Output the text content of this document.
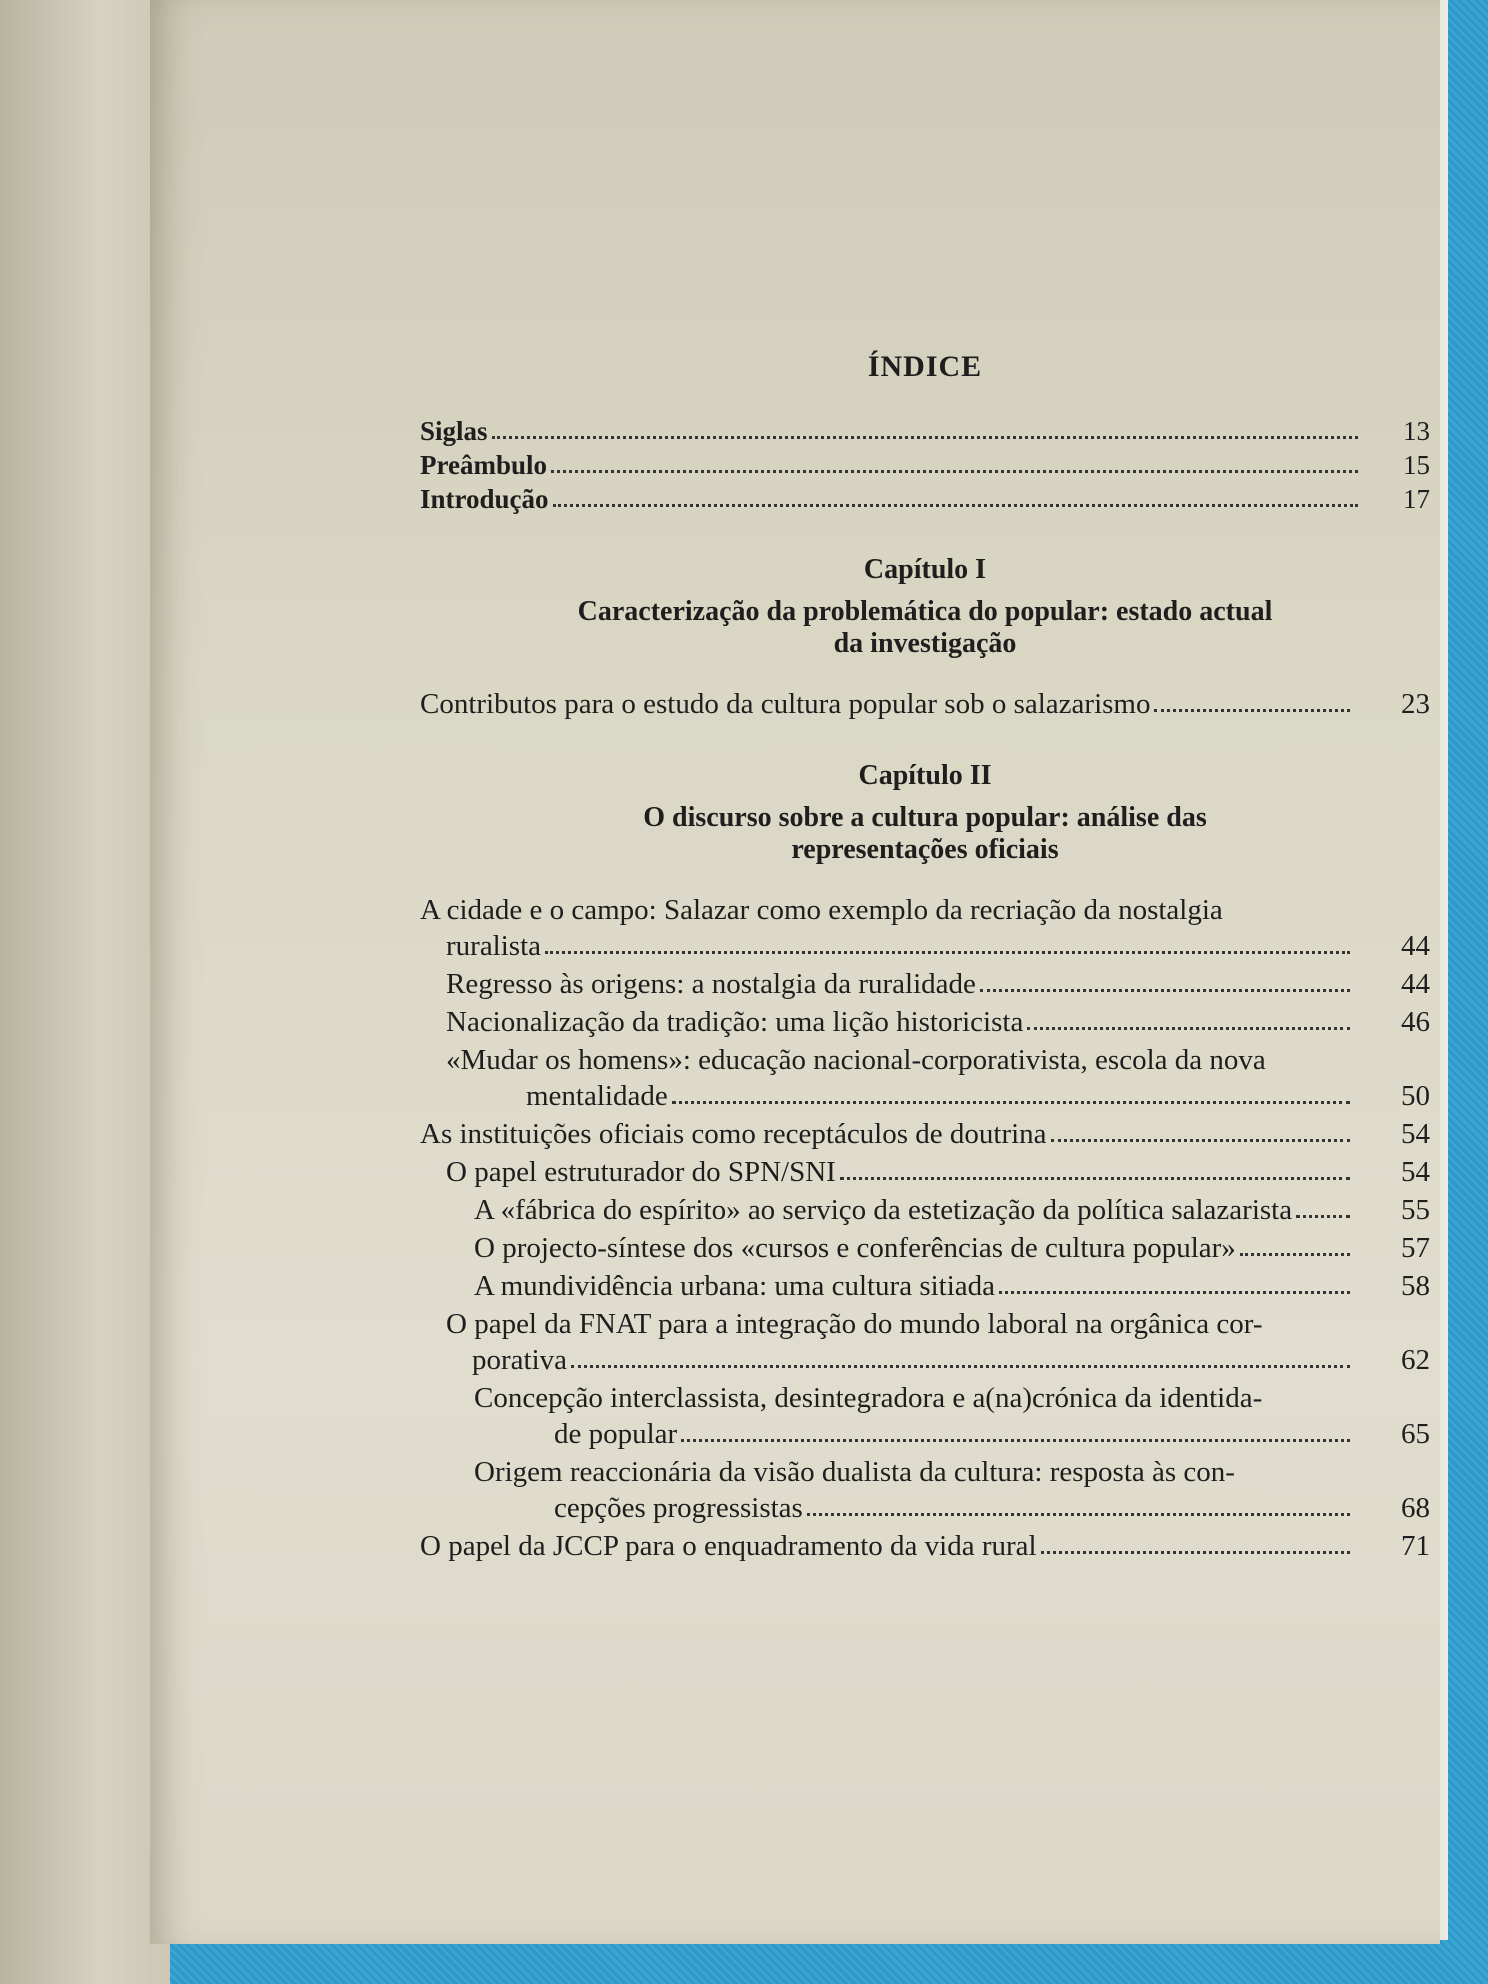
ÍNDICE
Siglas	13
Preâmbulo	15
Introdução	17
Capítulo I
Caracterização da problemática do popular: estado actual da investigação
Contributos para o estudo da cultura popular sob o salazarismo	23
Capítulo II
O discurso sobre a cultura popular: análise das representações oficiais
A cidade e o campo: Salazar como exemplo da recriação da nostalgia
ruralista	44
Regresso às origens: a nostalgia da ruralidade	44
Nacionalização da tradição: uma lição historicista	46
«Mudar os homens»: educação nacional-corporativista, escola da nova
mentalidade	50
As instituições oficiais como receptáculos de doutrina	54
O papel estruturador do SPN/SNI	54
A «fábrica do espírito» ao serviço da estetização da política salazarista	55
O projecto-síntese dos «cursos e conferências de cultura popular»	57
A mundividência urbana: uma cultura sitiada	58
O papel da FNAT para a integração do mundo laboral na orgânica cor-
porativa	62
Concepção interclassista, desintegradora e a(na)crónica da identida-
de popular	65
Origem reaccionária da visão dualista da cultura: resposta às con-
cepções progressistas	68
O papel da JCCP para o enquadramento da vida rural	71
